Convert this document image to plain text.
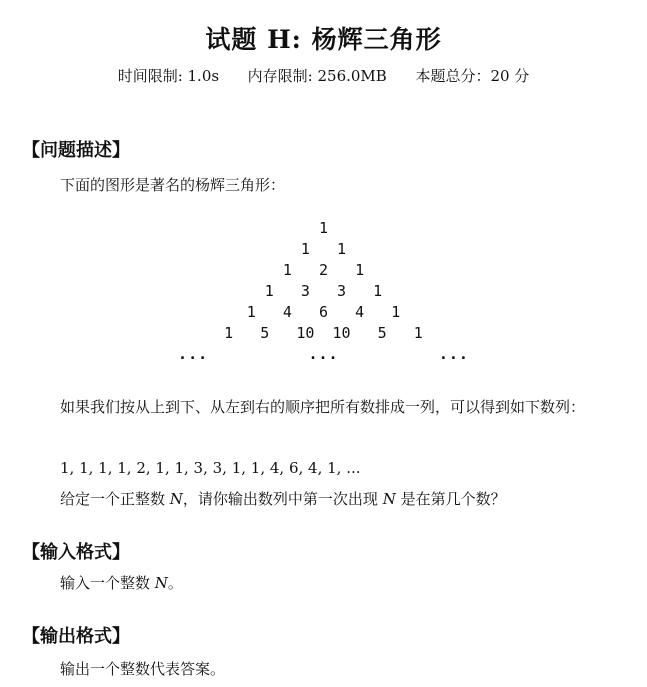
试题 H: 杨辉三角形
时间限制: 1.0s 内存限制: 256.0MB 本题总分：20 分
【问题描述】
下面的图形是著名的杨辉三角形：
1
1   1
1   2   1
1   3   3   1
1   4   6   4   1
1   5   10  10   5   1
...          ...          ...
如果我们按从上到下、从左到右的顺序把所有数排成一列，可以得到如下数列：
1, 1, 1, 1, 2, 1, 1, 3, 3, 1, 1, 4, 6, 4, 1, ...
给定一个正整数 N，请你输出数列中第一次出现 N 是在第几个数？
【输入格式】
输入一个整数 N。
【输出格式】
输出一个整数代表答案。
